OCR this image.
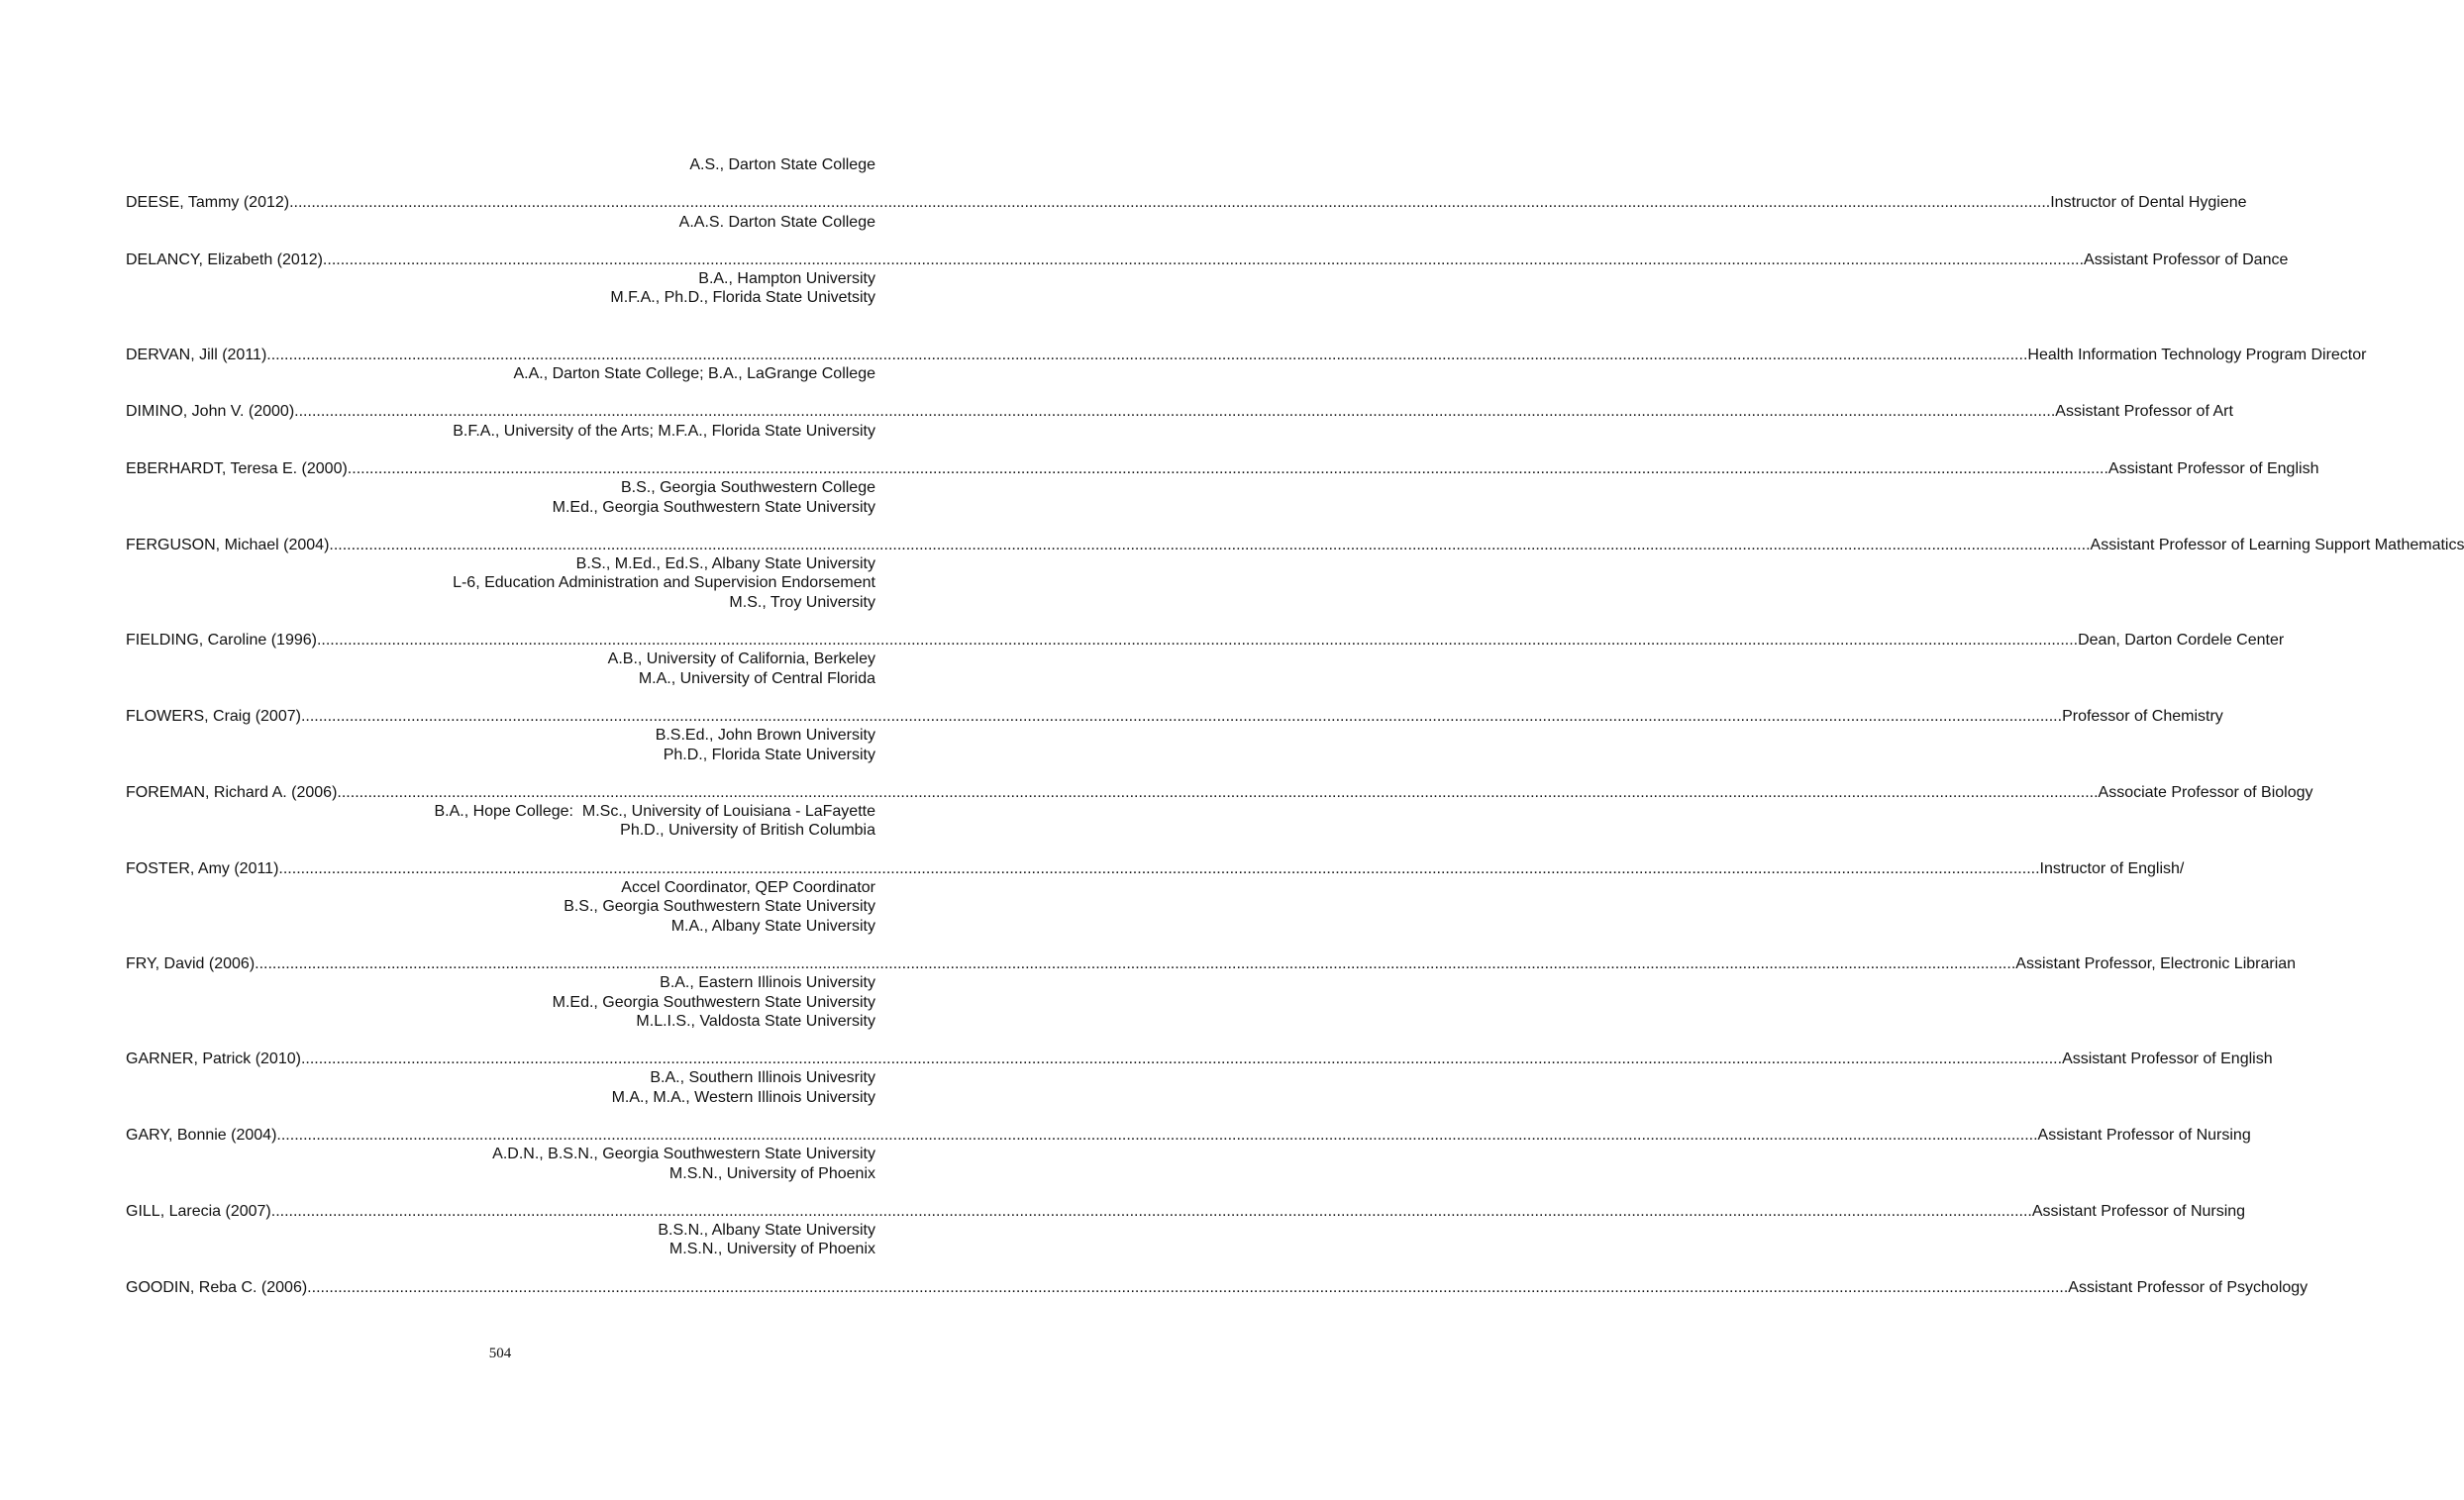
A.S., Darton State College
DEESE, Tammy (2012) ................................................................................................................................................................................................................................................................................................................................................................................................................ Instructor of Dental Hygiene
A.A.S. Darton State College
DELANCY, Elizabeth (2012) ................................................................................................................................................................................................................................................................................................................................................................................................................ Assistant Professor of Dance
B.A., Hampton University
M.F.A., Ph.D., Florida State Univetsity
DERVAN, Jill (2011) ................................................................................................................................................................................................................................................................................................................................................................................................................ Health Information Technology Program Director
A.A., Darton State College; B.A., LaGrange College
DIMINO, John V. (2000) ................................................................................................................................................................................................................................................................................................................................................................................................................ Assistant Professor of Art
B.F.A., University of the Arts; M.F.A., Florida State University
EBERHARDT, Teresa E. (2000) ................................................................................................................................................................................................................................................................................................................................................................................................................ Assistant Professor of English
B.S., Georgia Southwestern College
M.Ed., Georgia Southwestern State University
FERGUSON, Michael (2004) ................................................................................................................................................................................................................................................................................................................................................................................................................ Assistant Professor of Learning Support Mathematics
B.S., M.Ed., Ed.S., Albany State University
L-6, Education Administration and Supervision Endorsement
M.S., Troy University
FIELDING, Caroline (1996) ................................................................................................................................................................................................................................................................................................................................................................................................................ Dean, Darton Cordele Center
A.B., University of California, Berkeley
M.A., University of Central Florida
FLOWERS, Craig (2007) ................................................................................................................................................................................................................................................................................................................................................................................................................ Professor of Chemistry
B.S.Ed., John Brown University
Ph.D., Florida State University
FOREMAN, Richard A. (2006) ................................................................................................................................................................................................................................................................................................................................................................................................................ Associate Professor of Biology
B.A., Hope College:  M.Sc., University of Louisiana - LaFayette
Ph.D., University of British Columbia
FOSTER, Amy (2011) ................................................................................................................................................................................................................................................................................................................................................................................................................ Instructor of English/
Accel Coordinator, QEP Coordinator
B.S., Georgia Southwestern State University
M.A., Albany State University
FRY, David (2006) ................................................................................................................................................................................................................................................................................................................................................................................................................ Assistant Professor, Electronic Librarian
B.A., Eastern Illinois University
M.Ed., Georgia Southwestern State University
M.L.I.S., Valdosta State University
GARNER, Patrick (2010) ................................................................................................................................................................................................................................................................................................................................................................................................................ Assistant Professor of English
B.A., Southern Illinois Univesrity
M.A., M.A., Western Illinois University
GARY, Bonnie (2004) ................................................................................................................................................................................................................................................................................................................................................................................................................ Assistant Professor of Nursing
A.D.N., B.S.N., Georgia Southwestern State University
M.S.N., University of Phoenix
GILL, Larecia (2007) ................................................................................................................................................................................................................................................................................................................................................................................................................ Assistant Professor of Nursing
B.S.N., Albany State University
M.S.N., University of Phoenix
GOODIN, Reba C. (2006) ................................................................................................................................................................................................................................................................................................................................................................................................................ Assistant Professor of Psychology
504
